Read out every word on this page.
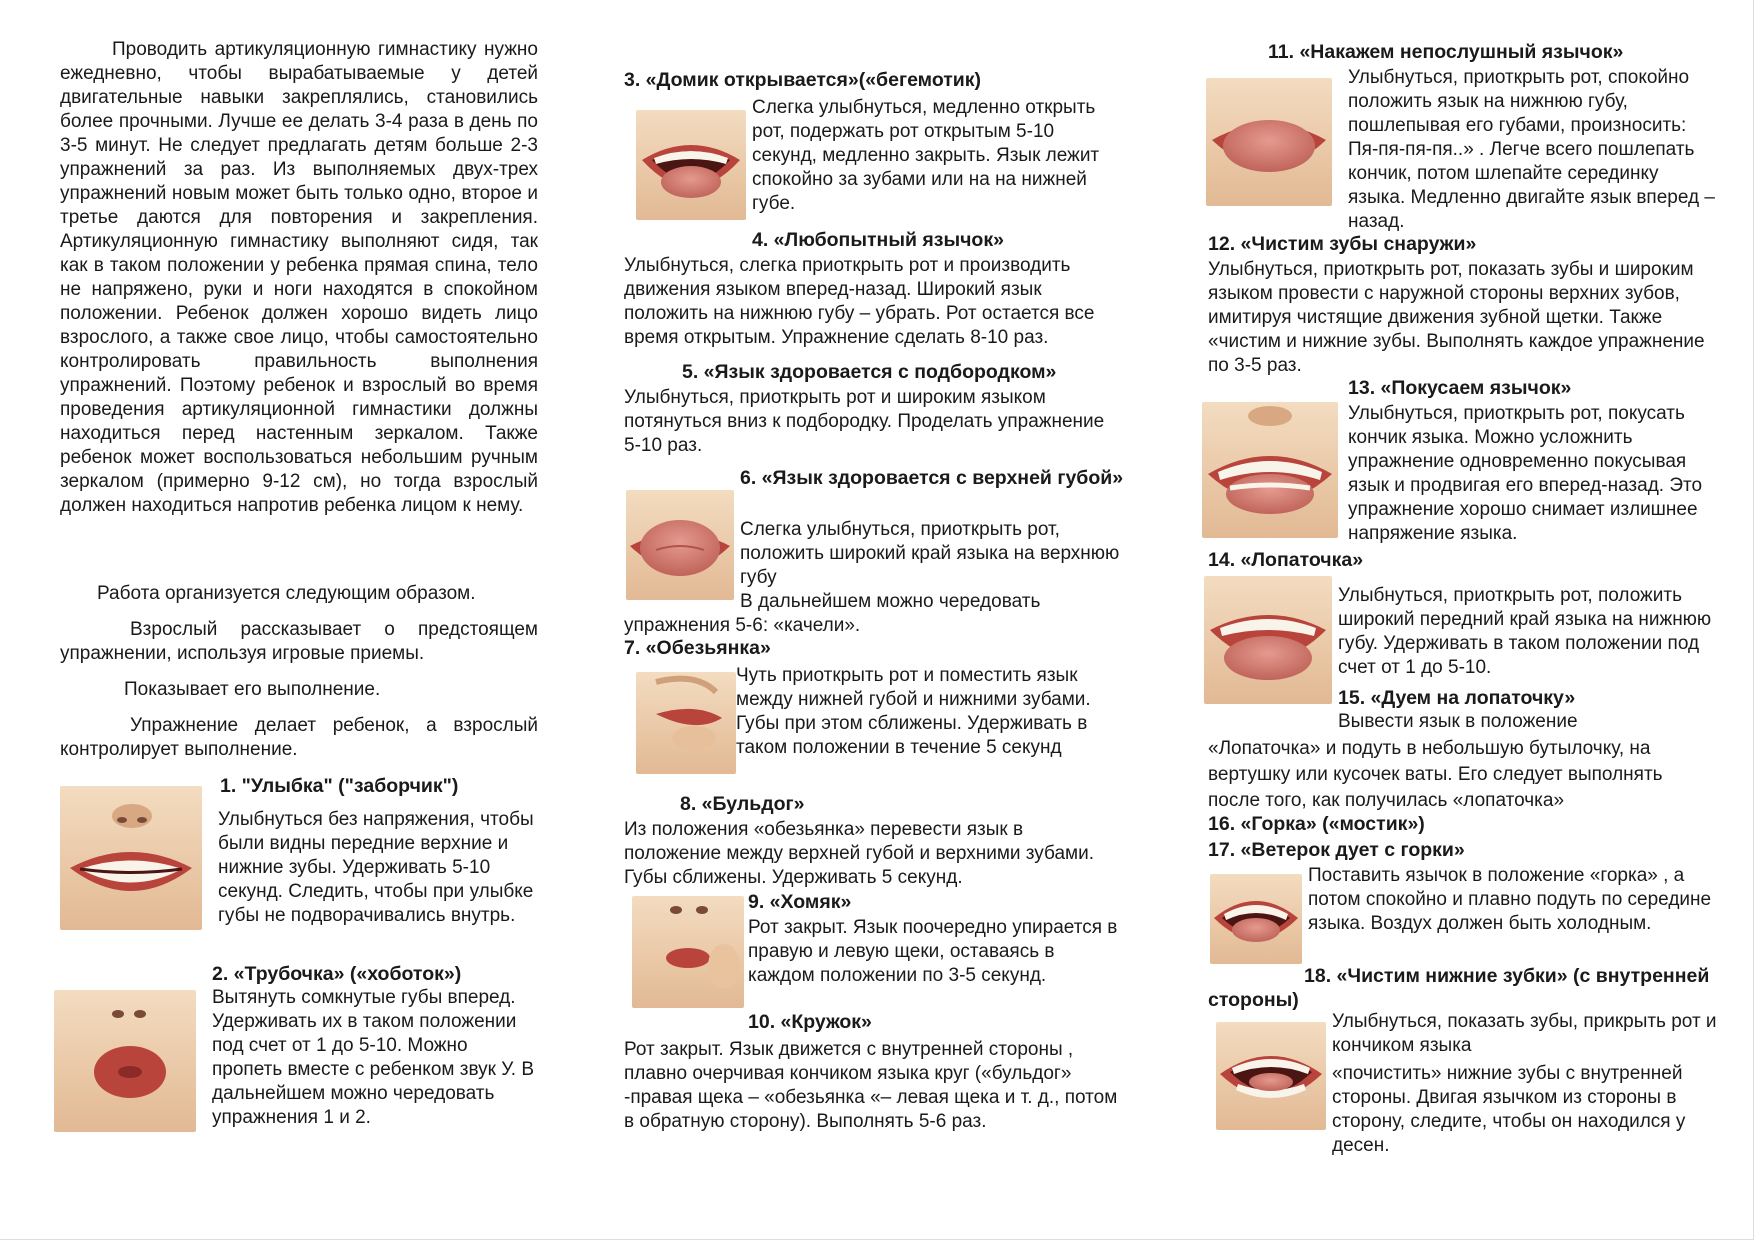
Проводить артикуляционную гимнастику нужно ежедневно, чтобы вырабатываемые у детей двигательные навыки закреплялись, становились более прочными. Лучше ее делать 3-4 раза в день по 3-5 минут. Не следует предлагать детям больше 2-3 упражнений за раз. Из выполняемых двух-трех упражнений новым может быть только одно, второе и третье даются для повторения и закрепления. Артикуляционную гимнастику выполняют сидя, так как в таком положении у ребенка прямая спина, тело не напряжено, руки и ноги находятся в спокойном положении. Ребенок должен хорошо видеть лицо взрослого, а также свое лицо, чтобы самостоятельно контролировать правильность выполнения упражнений. Поэтому ребенок и взрослый во время проведения артикуляционной гимнастики должны находиться перед настенным зеркалом. Также ребенок может воспользоваться небольшим ручным зеркалом (примерно 9-12 см), но тогда взрослый должен находиться напротив ребенка лицом к нему.

Работа организуется следующим образом.

Взрослый рассказывает о предстоящем упражнении, используя игровые приемы.

Показывает его выполнение.

Упражнение делает ребенок, а взрослый контролирует выполнение.

1. "Улыбка" ("заборчик")

Улыбнуться без напряжения, чтобы были видны передние верхние и нижние зубы. Удерживать 5-10 секунд. Следить, чтобы при улыбке губы не подворачивались внутрь.

2. «Трубочка» («хоботок»)

Вытянуть сомкнутые губы вперед. Удерживать их в таком положении под счет от 1 до 5-10. Можно пропеть вместе с ребенком звук У. В дальнейшем можно чередовать упражнения 1 и 2.

3. «Домик открывается»(«бегемотик)

Слегка улыбнуться, медленно открыть рот, подержать рот открытым 5-10 секунд, медленно закрыть. Язык лежит спокойно за зубами или на на нижней губе.

4. «Любопытный язычок»

Улыбнуться, слегка приоткрыть рот и производить движения языком вперед-назад. Широкий язык положить на нижнюю губу – убрать. Рот остается все время открытым. Упражнение сделать 8-10 раз.

5. «Язык здоровается с подбородком»

Улыбнуться, приоткрыть рот и широким языком потянуться вниз к подбородку. Проделать упражнение 5-10 раз.

6. «Язык здоровается с верхней губой»

Слегка улыбнуться, приоткрыть рот, положить широкий край языка на верхнюю губу

В дальнейшем можно чередовать упражнения 5-6: «качели».

7. «Обезьянка»

Чуть приоткрыть рот и поместить язык между нижней губой и нижними зубами. Губы при этом сближены. Удерживать в таком положении в течение 5 секунд

8. «Бульдог»

Из положения «обезьянка» перевести язык в положение между верхней губой и верхними зубами. Губы сближены. Удерживать 5 секунд.

9. «Хомяк»

Рот закрыт. Язык поочередно упирается в правую и левую щеки, оставаясь в каждом положении по 3-5 секунд.

10. «Кружок»

Рот закрыт. Язык движется с внутренней стороны , плавно очерчивая кончиком языка круг («бульдог» -правая щека – «обезьянка «– левая щека и т. д., потом в обратную сторону). Выполнять 5-6 раз.

11. «Накажем непослушный язычок»

Улыбнуться, приоткрыть рот, спокойно положить язык на нижнюю губу, пошлепывая его губами, произносить: Пя-пя-пя-пя..» . Легче всего пошлепать кончик, потом шлепайте серединку языка. Медленно двигайте язык вперед – назад.

12. «Чистим зубы снаружи»

Улыбнуться, приоткрыть рот, показать зубы и широким языком провести с наружной стороны верхних зубов, имитируя чистящие движения зубной щетки. Также «чистим и нижние зубы. Выполнять каждое упражнение по 3-5 раз.

13. «Покусаем язычок»

Улыбнуться, приоткрыть рот, покусать кончик языка. Можно усложнить упражнение одновременно покусывая язык и продвигая его вперед-назад. Это упражнение хорошо снимает излишнее напряжение языка.

14. «Лопаточка»

Улыбнуться, приоткрыть рот, положить широкий передний край языка на нижнюю губу. Удерживать в таком положении под счет от 1 до 5-10.

15. «Дуем на лопаточку»

Вывести язык в положение

«Лопаточка» и подуть в небольшую бутылочку, на вертушку или кусочек ваты. Его следует выполнять после того, как получилась «лопаточка»

16. «Горка» («мостик»)
17. «Ветерок дует с горки»

Поставить язычок в положение «горка» , а потом спокойно и плавно подуть по середине языка. Воздух должен быть холодным.

18. «Чистим нижние зубки» (с внутренней стороны)

Улыбнуться, показать зубы, прикрыть рот и кончиком языка

«почистить» нижние зубы с внутренней стороны. Двигая язычком из стороны в сторону, следите, чтобы он находился у десен.
